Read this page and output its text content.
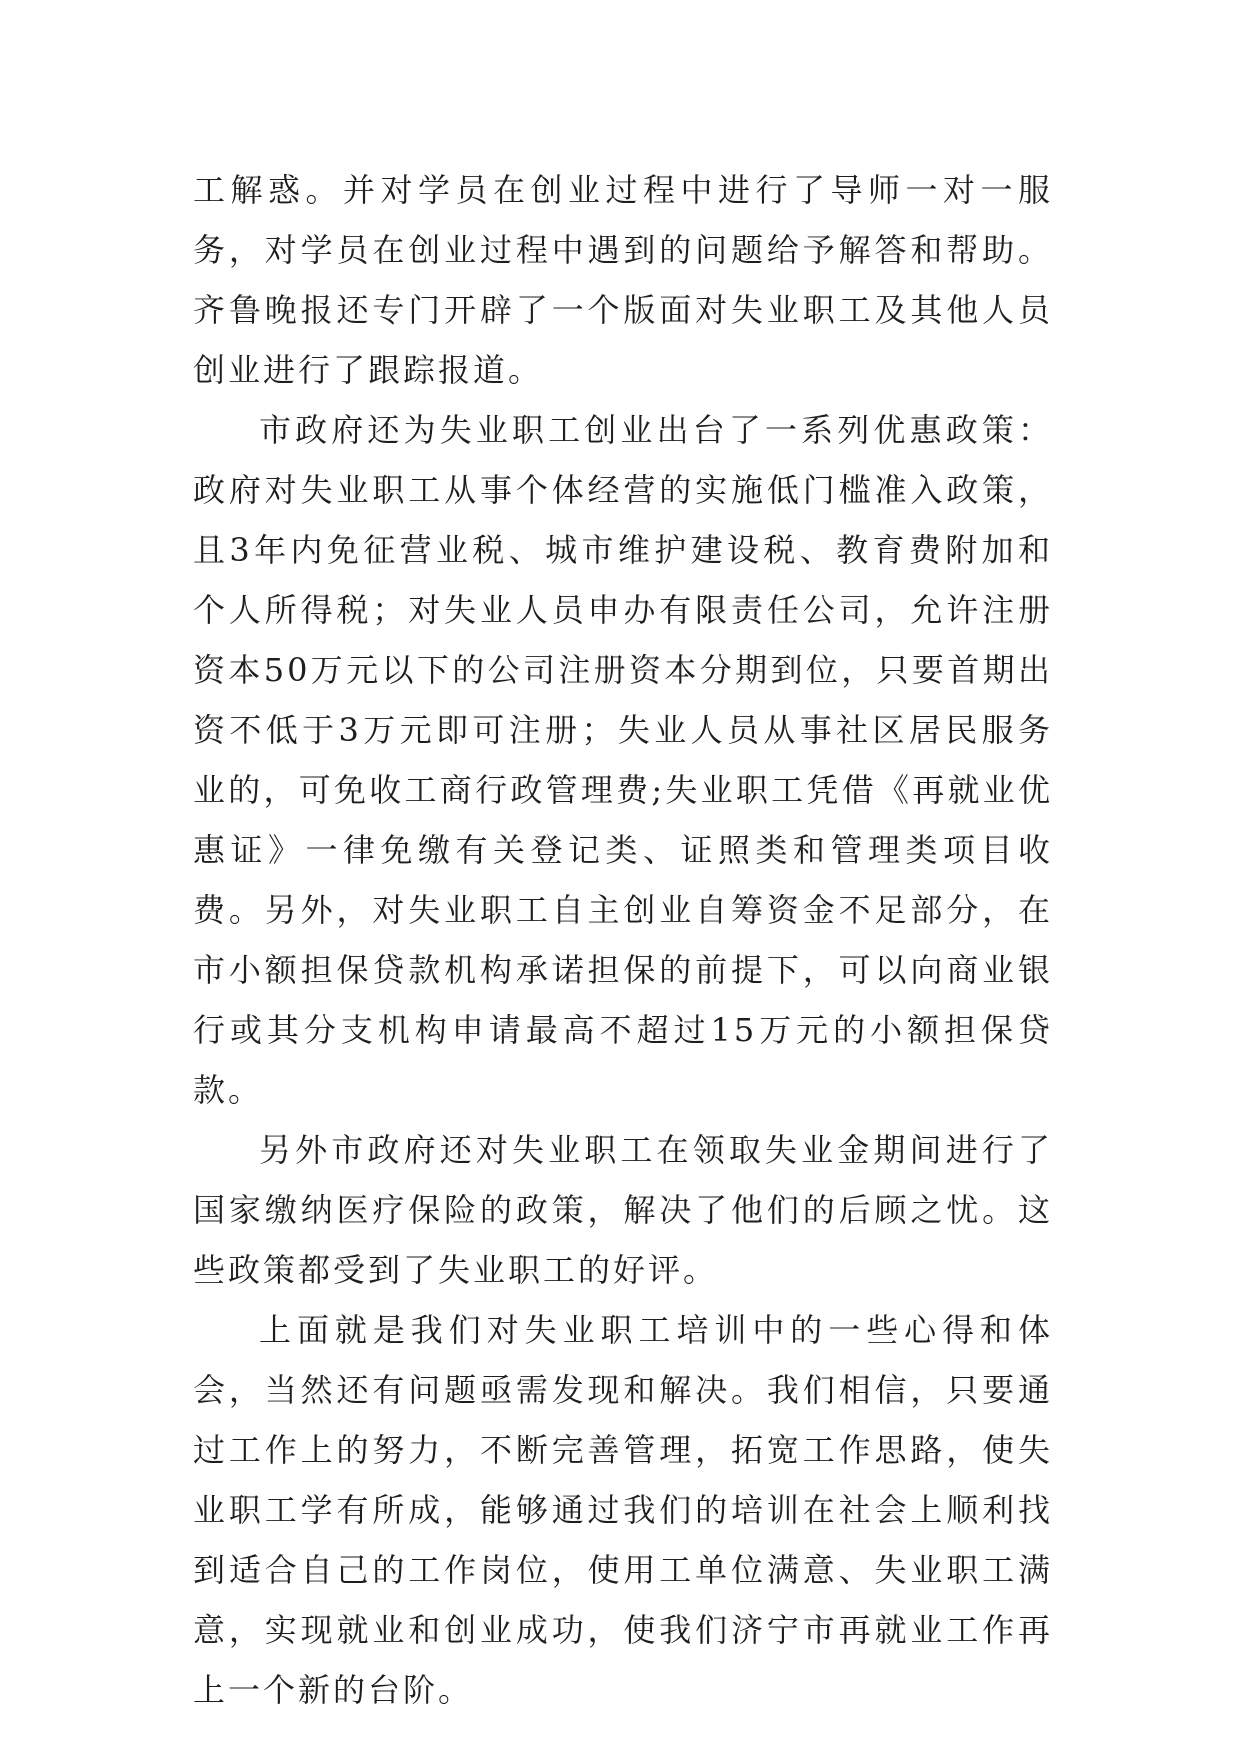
工解惑。并对学员在创业过程中进行了导师一对一服务，对学员在创业过程中遇到的问题给予解答和帮助。齐鲁晚报还专门开辟了一个版面对失业职工及其他人员创业进行了跟踪报道。

市政府还为失业职工创业出台了一系列优惠政策：政府对失业职工从事个体经营的实施低门槛准入政策，且3年内免征营业税、城市维护建设税、教育费附加和个人所得税；对失业人员申办有限责任公司，允许注册资本50万元以下的公司注册资本分期到位，只要首期出资不低于3万元即可注册；失业人员从事社区居民服务业的，可免收工商行政管理费;失业职工凭借《再就业优惠证》一律免缴有关登记类、证照类和管理类项目收费。另外，对失业职工自主创业自筹资金不足部分，在市小额担保贷款机构承诺担保的前提下，可以向商业银行或其分支机构申请最高不超过15万元的小额担保贷款。

另外市政府还对失业职工在领取失业金期间进行了国家缴纳医疗保险的政策，解决了他们的后顾之忧。这些政策都受到了失业职工的好评。

上面就是我们对失业职工培训中的一些心得和体会，当然还有问题亟需发现和解决。我们相信，只要通过工作上的努力，不断完善管理，拓宽工作思路，使失业职工学有所成，能够通过我们的培训在社会上顺利找到适合自己的工作岗位，使用工单位满意、失业职工满意，实现就业和创业成功，使我们济宁市再就业工作再上一个新的台阶。
